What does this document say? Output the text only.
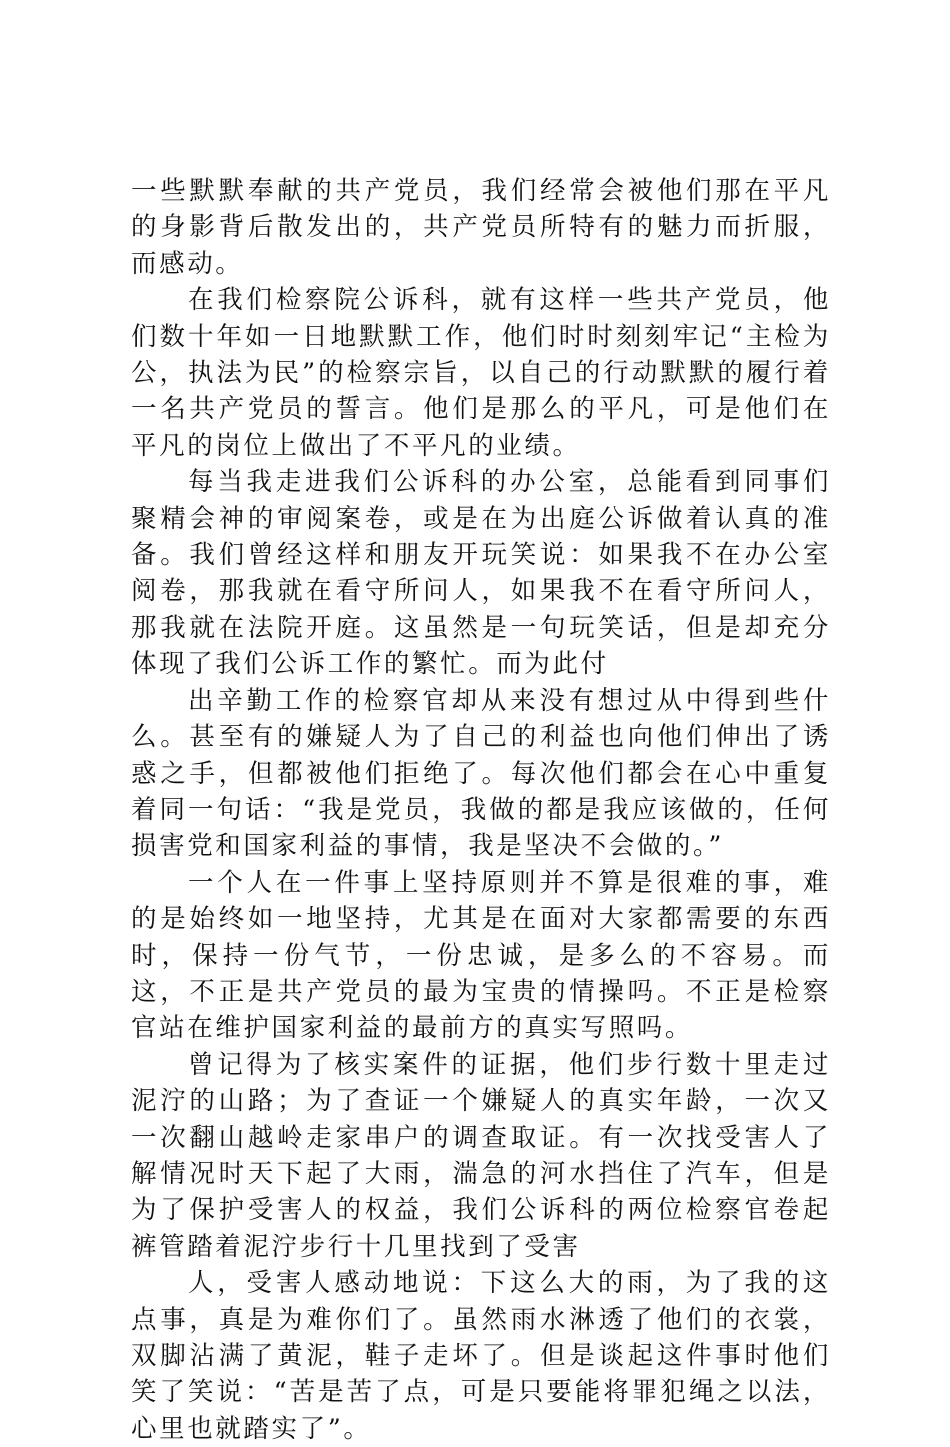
一些默默奉献的共产党员，我们经常会被他们那在平凡的身影背后散发出的，共产党员所特有的魅力而折服，而感动。

在我们检察院公诉科，就有这样一些共产党员，他们数十年如一日地默默工作，他们时时刻刻牢记“主检为公，执法为民”的检察宗旨，以自己的行动默默的履行着一名共产党员的誓言。他们是那么的平凡，可是他们在平凡的岗位上做出了不平凡的业绩。

每当我走进我们公诉科的办公室，总能看到同事们聚精会神的审阅案卷，或是在为出庭公诉做着认真的准备。我们曾经这样和朋友开玩笑说：如果我不在办公室阅卷，那我就在看守所问人，如果我不在看守所问人，那我就在法院开庭。这虽然是一句玩笑话，但是却充分体现了我们公诉工作的繁忙。而为此付

出辛勤工作的检察官却从来没有想过从中得到些什么。甚至有的嫌疑人为了自己的利益也向他们伸出了诱惑之手，但都被他们拒绝了。每次他们都会在心中重复着同一句话：“我是党员，我做的都是我应该做的，任何损害党和国家利益的事情，我是坚决不会做的。”

一个人在一件事上坚持原则并不算是很难的事，难的是始终如一地坚持，尤其是在面对大家都需要的东西时，保持一份气节，一份忠诚，是多么的不容易。而这，不正是共产党员的最为宝贵的情操吗。不正是检察官站在维护国家利益的最前方的真实写照吗。

曾记得为了核实案件的证据，他们步行数十里走过泥泞的山路；为了查证一个嫌疑人的真实年龄，一次又一次翻山越岭走家串户的调查取证。有一次找受害人了解情况时天下起了大雨，湍急的河水挡住了汽车，但是为了保护受害人的权益，我们公诉科的两位检察官卷起裤管踏着泥泞步行十几里找到了受害

人，受害人感动地说：下这么大的雨，为了我的这点事，真是为难你们了。虽然雨水淋透了他们的衣裳，双脚沾满了黄泥，鞋子走坏了。但是谈起这件事时他们笑了笑说：“苦是苦了点，可是只要能将罪犯绳之以法，心里也就踏实了”。
